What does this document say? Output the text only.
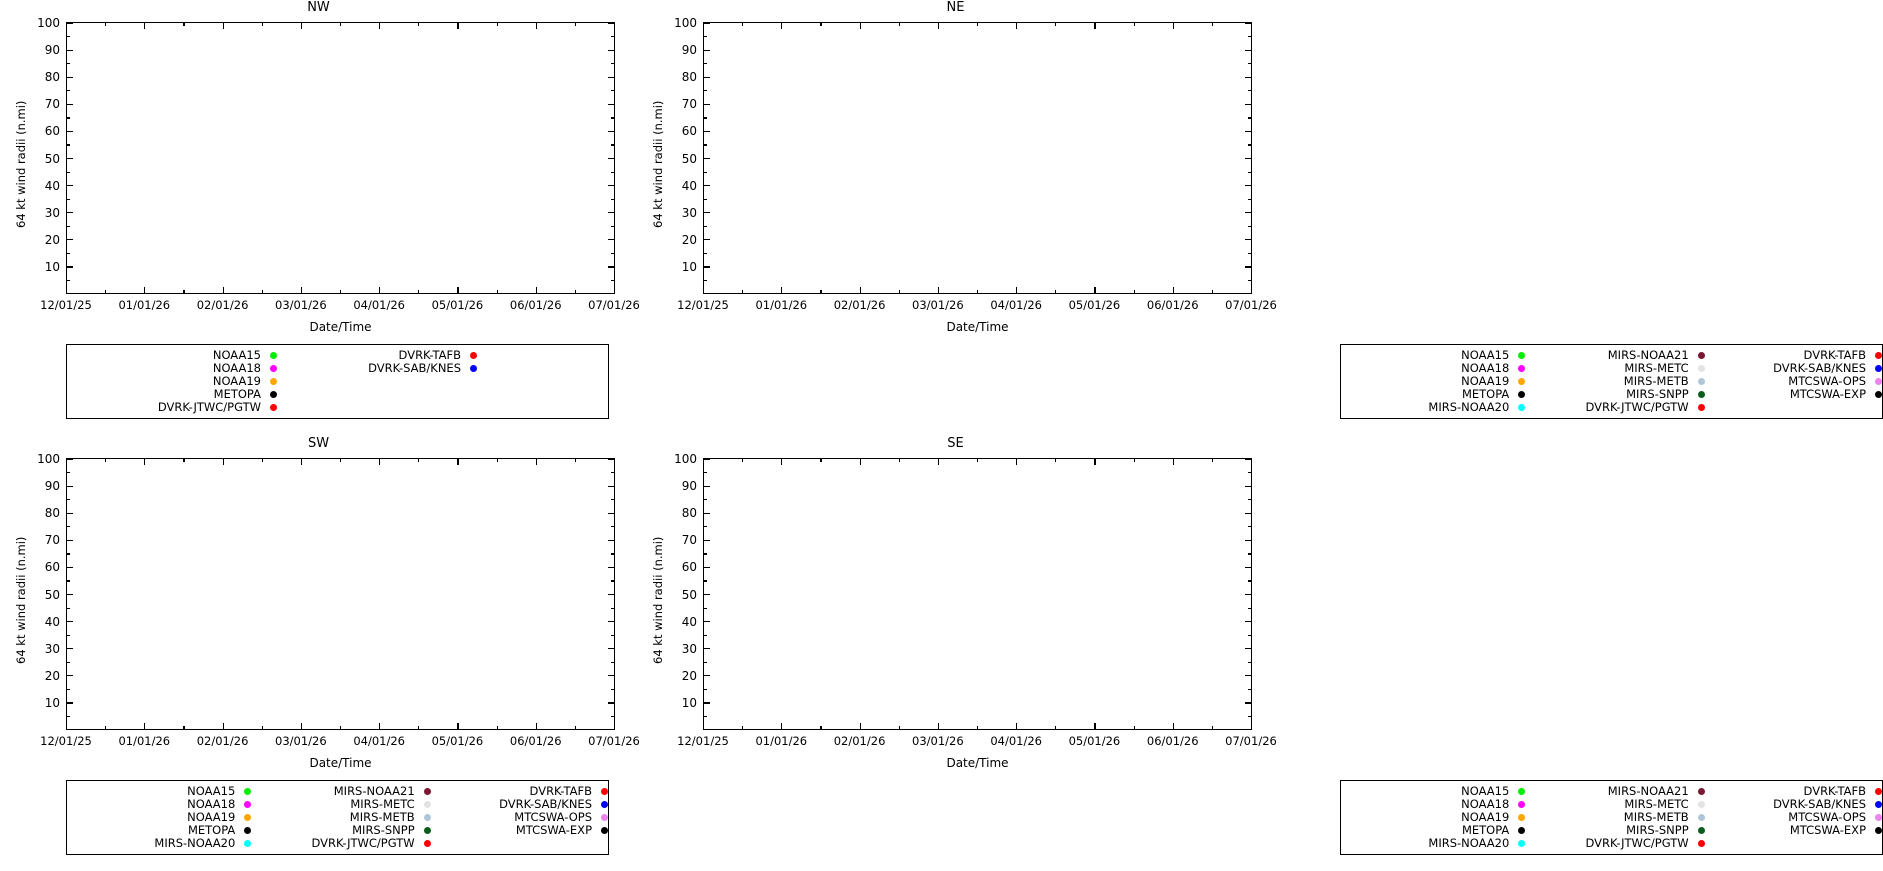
NW
100
90
80
70
60
50
40
30
20
10
64 kt wind radii (n.mi)
12/01/25 01/01/26 02/01/26 03/01/26 04/01/26 05/01/26 06/01/26 07/01/26
Date/Time
NOAA15	DVRK-TAFB
NOAA18	DVRK-SAB/KNES
NOAA19
METOPA
DVRK-JTWC/PGTW
NE
100
90
80
70
60
50
40
30
20
10
64 kt wind radii (n.mi)
12/01/25 01/01/26 02/01/26 03/01/26 04/01/26 05/01/26 06/01/26 07/01/26
Date/Time
NOAA15	MIRS-NOAA21	DVRK-TAFB
NOAA18	MIRS-METC	DVRK-SAB/KNES
NOAA19	MIRS-METB	MTCSWA-OPS
METOPA	MIRS-SNPP	MTCSWA-EXP
MIRS-NOAA20	DVRK-JTWC/PGTW
SW
100
90
80
70
60
50
40
30
20
10
64 kt wind radii (n.mi)
12/01/25 01/01/26 02/01/26 03/01/26 04/01/26 05/01/26 06/01/26 07/01/26
Date/Time
NOAA15	MIRS-NOAA21	DVRK-TAFB
NOAA18	MIRS-METC	DVRK-SAB/KNES
NOAA19	MIRS-METB	MTCSWA-OPS
METOPA	MIRS-SNPP	MTCSWA-EXP
MIRS-NOAA20	DVRK-JTWC/PGTW
SE
100
90
80
70
60
50
40
30
20
10
64 kt wind radii (n.mi)
12/01/25 01/01/26 02/01/26 03/01/26 04/01/26 05/01/26 06/01/26 07/01/26
Date/Time
NOAA15	MIRS-NOAA21	DVRK-TAFB
NOAA18	MIRS-METC	DVRK-SAB/KNES
NOAA19	MIRS-METB	MTCSWA-OPS
METOPA	MIRS-SNPP	MTCSWA-EXP
MIRS-NOAA20	DVRK-JTWC/PGTW
